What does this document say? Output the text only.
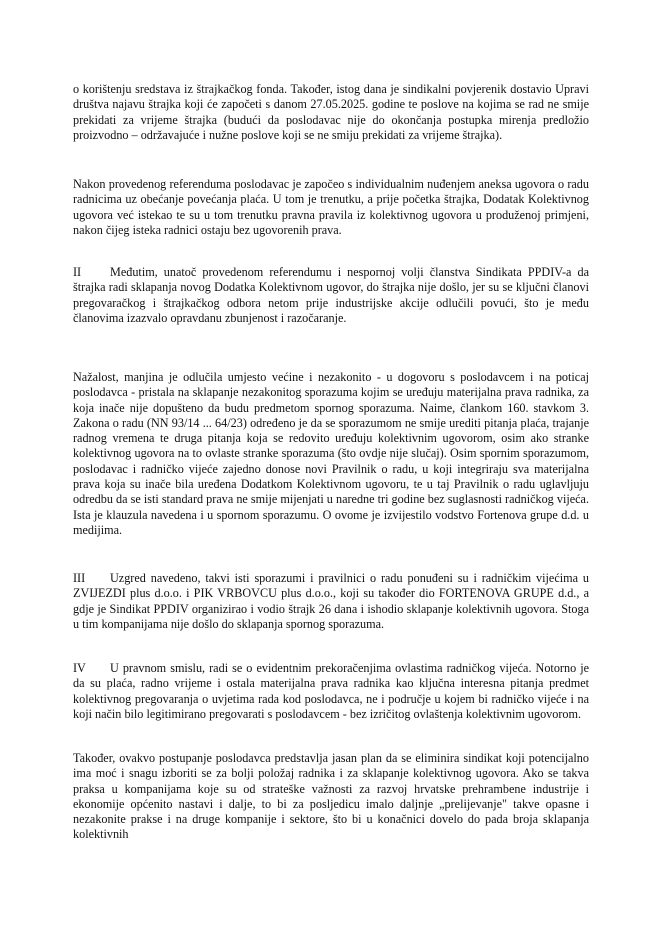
o korištenju sredstava iz štrajkačkog fonda. Također, istog dana je sindikalni povjerenik dostavio Upravi društva najavu štrajka koji će započeti s danom 27.05.2025. godine te poslove na kojima se rad ne smije prekidati za vrijeme štrajka (budući da poslodavac nije do okončanja postupka mirenja predložio proizvodno – održavajuće i nužne poslove koji se ne smiju prekidati za vrijeme štrajka).

Nakon provedenog referenduma poslodavac je započeo s individualnim nuđenjem aneksa ugovora o radu radnicima uz obećanje povećanja plaća. U tom je trenutku, a prije početka štrajka, Dodatak Kolektivnog ugovora već istekao te su u tom trenutku pravna pravila iz kolektivnog ugovora u produženoj primjeni, nakon čijeg isteka radnici ostaju bez ugovorenih prava.

II Međutim, unatoč provedenom referendumu i nespornoj volji članstva Sindikata PPDIV-a da štrajka radi sklapanja novog Dodatka Kolektivnom ugovor, do štrajka nije došlo, jer su se ključni članovi pregovaračkog i štrajkačkog odbora netom prije industrijske akcije odlučili povući, što je među članovima izazvalo opravdanu zbunjenost i razočaranje.

Nažalost, manjina je odlučila umjesto većine i nezakonito - u dogovoru s poslodavcem i na poticaj poslodavca - pristala na sklapanje nezakonitog sporazuma kojim se uređuju materijalna prava radnika, za koja inače nije dopušteno da budu predmetom spornog sporazuma. Naime, člankom 160. stavkom 3. Zakona o radu (NN 93/14 ... 64/23) određeno je da se sporazumom ne smije urediti pitanja plaća, trajanje radnog vremena te druga pitanja koja se redovito uređuju kolektivnim ugovorom, osim ako stranke kolektivnog ugovora na to ovlaste stranke sporazuma (što ovdje nije slučaj). Osim spornim sporazumom, poslodavac i radničko vijeće zajedno donose novi Pravilnik o radu, u koji integriraju sva materijalna prava koja su inače bila uređena Dodatkom Kolektivnom ugovoru, te u taj Pravilnik o radu uglavljuju odredbu da se isti standard prava ne smije mijenjati u naredne tri godine bez suglasnosti radničkog vijeća. Ista je klauzula navedena i u spornom sporazumu. O ovome je izvijestilo vodstvo Fortenova grupe d.d. u medijima.

III Uzgred navedeno, takvi isti sporazumi i pravilnici o radu ponuđeni su i radničkim vijećima u ZVIJEZDI plus d.o.o. i PIK VRBOVCU plus d.o.o., koji su također dio FORTENOVA GRUPE d.d., a gdje je Sindikat PPDIV organizirao i vodio štrajk 26 dana i ishodio sklapanje kolektivnih ugovora. Stoga u tim kompanijama nije došlo do sklapanja spornog sporazuma.

IV U pravnom smislu, radi se o evidentnim prekoračenjima ovlastima radničkog vijeća. Notorno je da su plaća, radno vrijeme i ostala materijalna prava radnika kao ključna interesna pitanja predmet kolektivnog pregovaranja o uvjetima rada kod poslodavca, ne i područje u kojem bi radničko vijeće i na koji način bilo legitimirano pregovarati s poslodavcem - bez izričitog ovlaštenja kolektivnim ugovorom.

Također, ovakvo postupanje poslodavca predstavlja jasan plan da se eliminira sindikat koji potencijalno ima moć i snagu izboriti se za bolji položaj radnika i za sklapanje kolektivnog ugovora. Ako se takva praksa u kompanijama koje su od strateške važnosti za razvoj hrvatske prehrambene industrije i ekonomije općenito nastavi i dalje, to bi za posljedicu imalo daljnje „prelijevanje" takve opasne i nezakonite prakse i na druge kompanije i sektore, što bi u konačnici dovelo do pada broja sklapanja kolektivnih
